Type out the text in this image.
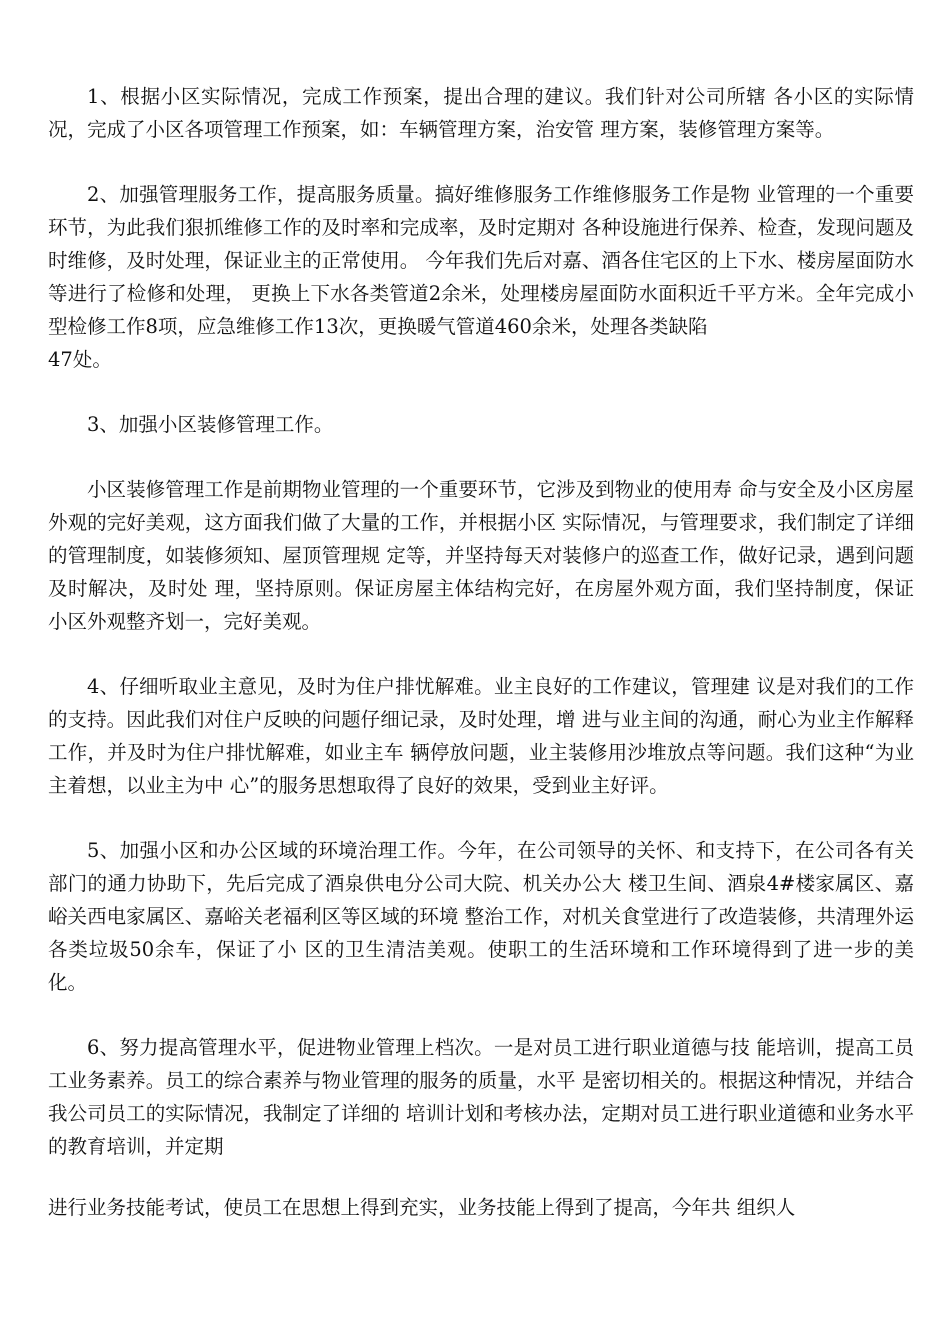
1、根据小区实际情况，完成工作预案，提出合理的建议。我们针对公司所辖 各小区的实际情况，完成了小区各项管理工作预案，如：车辆管理方案，治安管 理方案，装修管理方案等。

2、加强管理服务工作，提高服务质量。搞好维修服务工作维修服务工作是物 业管理的一个重要环节，为此我们狠抓维修工作的及时率和完成率，及时定期对 各种设施进行保养、检查，发现问题及时维修，及时处理，保证业主的正常使用。 今年我们先后对嘉、酒各住宅区的上下水、楼房屋面防水等进行了检修和处理， 更换上下水各类管道2余米，处理楼房屋面防水面积近千平方米。全年完成小 型检修工作8项，应急维修工作13次，更换暖气管道460余米，处理各类缺陷

47处。

3、加强小区装修管理工作。

小区装修管理工作是前期物业管理的一个重要环节，它涉及到物业的使用寿 命与安全及小区房屋外观的完好美观，这方面我们做了大量的工作，并根据小区 实际情况，与管理要求，我们制定了详细的管理制度，如装修须知、屋顶管理规 定等，并坚持每天对装修户的巡查工作，做好记录，遇到问题及时解决，及时处 理，坚持原则。保证房屋主体结构完好，在房屋外观方面，我们坚持制度，保证 小区外观整齐划一，完好美观。

4、仔细听取业主意见，及时为住户排忧解难。业主良好的工作建议，管理建 议是对我们的工作的支持。因此我们对住户反映的问题仔细记录，及时处理，增 进与业主间的沟通，耐心为业主作解释工作，并及时为住户排忧解难，如业主车 辆停放问题，业主装修用沙堆放点等问题。我们这种“为业主着想，以业主为中 心”的服务思想取得了良好的效果，受到业主好评。

5、加强小区和办公区域的环境治理工作。今年，在公司领导的关怀、和支持下，在公司各有关部门的通力协助下，先后完成了酒泉供电分公司大院、机关办公大 楼卫生间、酒泉4#楼家属区、嘉峪关西电家属区、嘉峪关老福利区等区域的环境 整治工作，对机关食堂进行了改造装修，共清理外运各类垃圾50余车，保证了小 区的卫生清洁美观。使职工的生活环境和工作环境得到了进一步的美化。

6、努力提高管理水平，促进物业管理上档次。一是对员工进行职业道德与技 能培训，提高工员工业务素养。员工的综合素养与物业管理的服务的质量，水平 是密切相关的。根据这种情况，并结合我公司员工的实际情况，我制定了详细的 培训计划和考核办法，定期对员工进行职业道德和业务水平的教育培训，并定期

进行业务技能考试，使员工在思想上得到充实，业务技能上得到了提高，今年共 组织人
